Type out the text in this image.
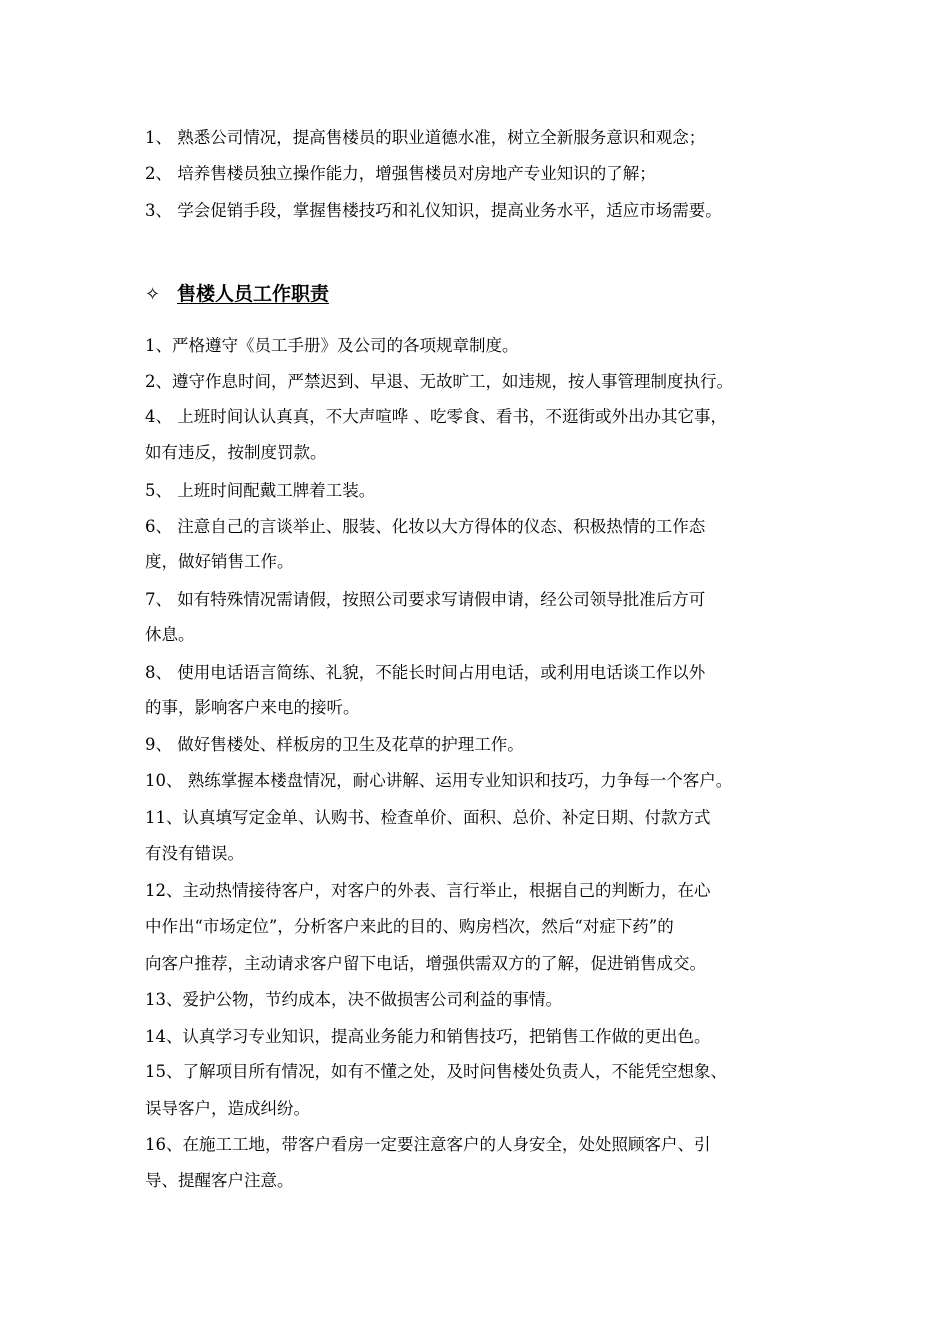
1、 熟悉公司情况，提高售楼员的职业道德水准，树立全新服务意识和观念；
2、 培养售楼员独立操作能力，增强售楼员对房地产专业知识的了解；
3、 学会促销手段，掌握售楼技巧和礼仪知识，提高业务水平，适应市场需要。
✧ 售楼人员工作职责
1、严格遵守《员工手册》及公司的各项规章制度。
2、遵守作息时间，严禁迟到、早退、无故旷工，如违规，按人事管理制度执行。
4、 上班时间认认真真，不大声喧哗 、吃零食、看书，不逛街或外出办其它事，
如有违反，按制度罚款。
5、 上班时间配戴工牌着工装。
6、 注意自己的言谈举止、服装、化妆以大方得体的仪态、积极热情的工作态
度，做好销售工作。
7、 如有特殊情况需请假，按照公司要求写请假申请，经公司领导批准后方可
休息。
8、 使用电话语言简练、礼貌，不能长时间占用电话，或利用电话谈工作以外
的事，影响客户来电的接听。
9、 做好售楼处、样板房的卫生及花草的护理工作。
10、 熟练掌握本楼盘情况，耐心讲解、运用专业知识和技巧，力争每一个客户。
11、认真填写定金单、认购书、检查单价、面积、总价、补定日期、付款方式
有没有错误。
12、主动热情接待客户，对客户的外表、言行举止，根据自己的判断力，在心
中作出“市场定位”，分析客户来此的目的、购房档次，然后“对症下药”的
向客户推荐，主动请求客户留下电话，增强供需双方的了解，促进销售成交。
13、爱护公物，节约成本，决不做损害公司利益的事情。
14、认真学习专业知识，提高业务能力和销售技巧，把销售工作做的更出色。
15、了解项目所有情况，如有不懂之处，及时问售楼处负责人，不能凭空想象、
误导客户，造成纠纷。
16、在施工工地，带客户看房一定要注意客户的人身安全，处处照顾客户、引
导、提醒客户注意。
